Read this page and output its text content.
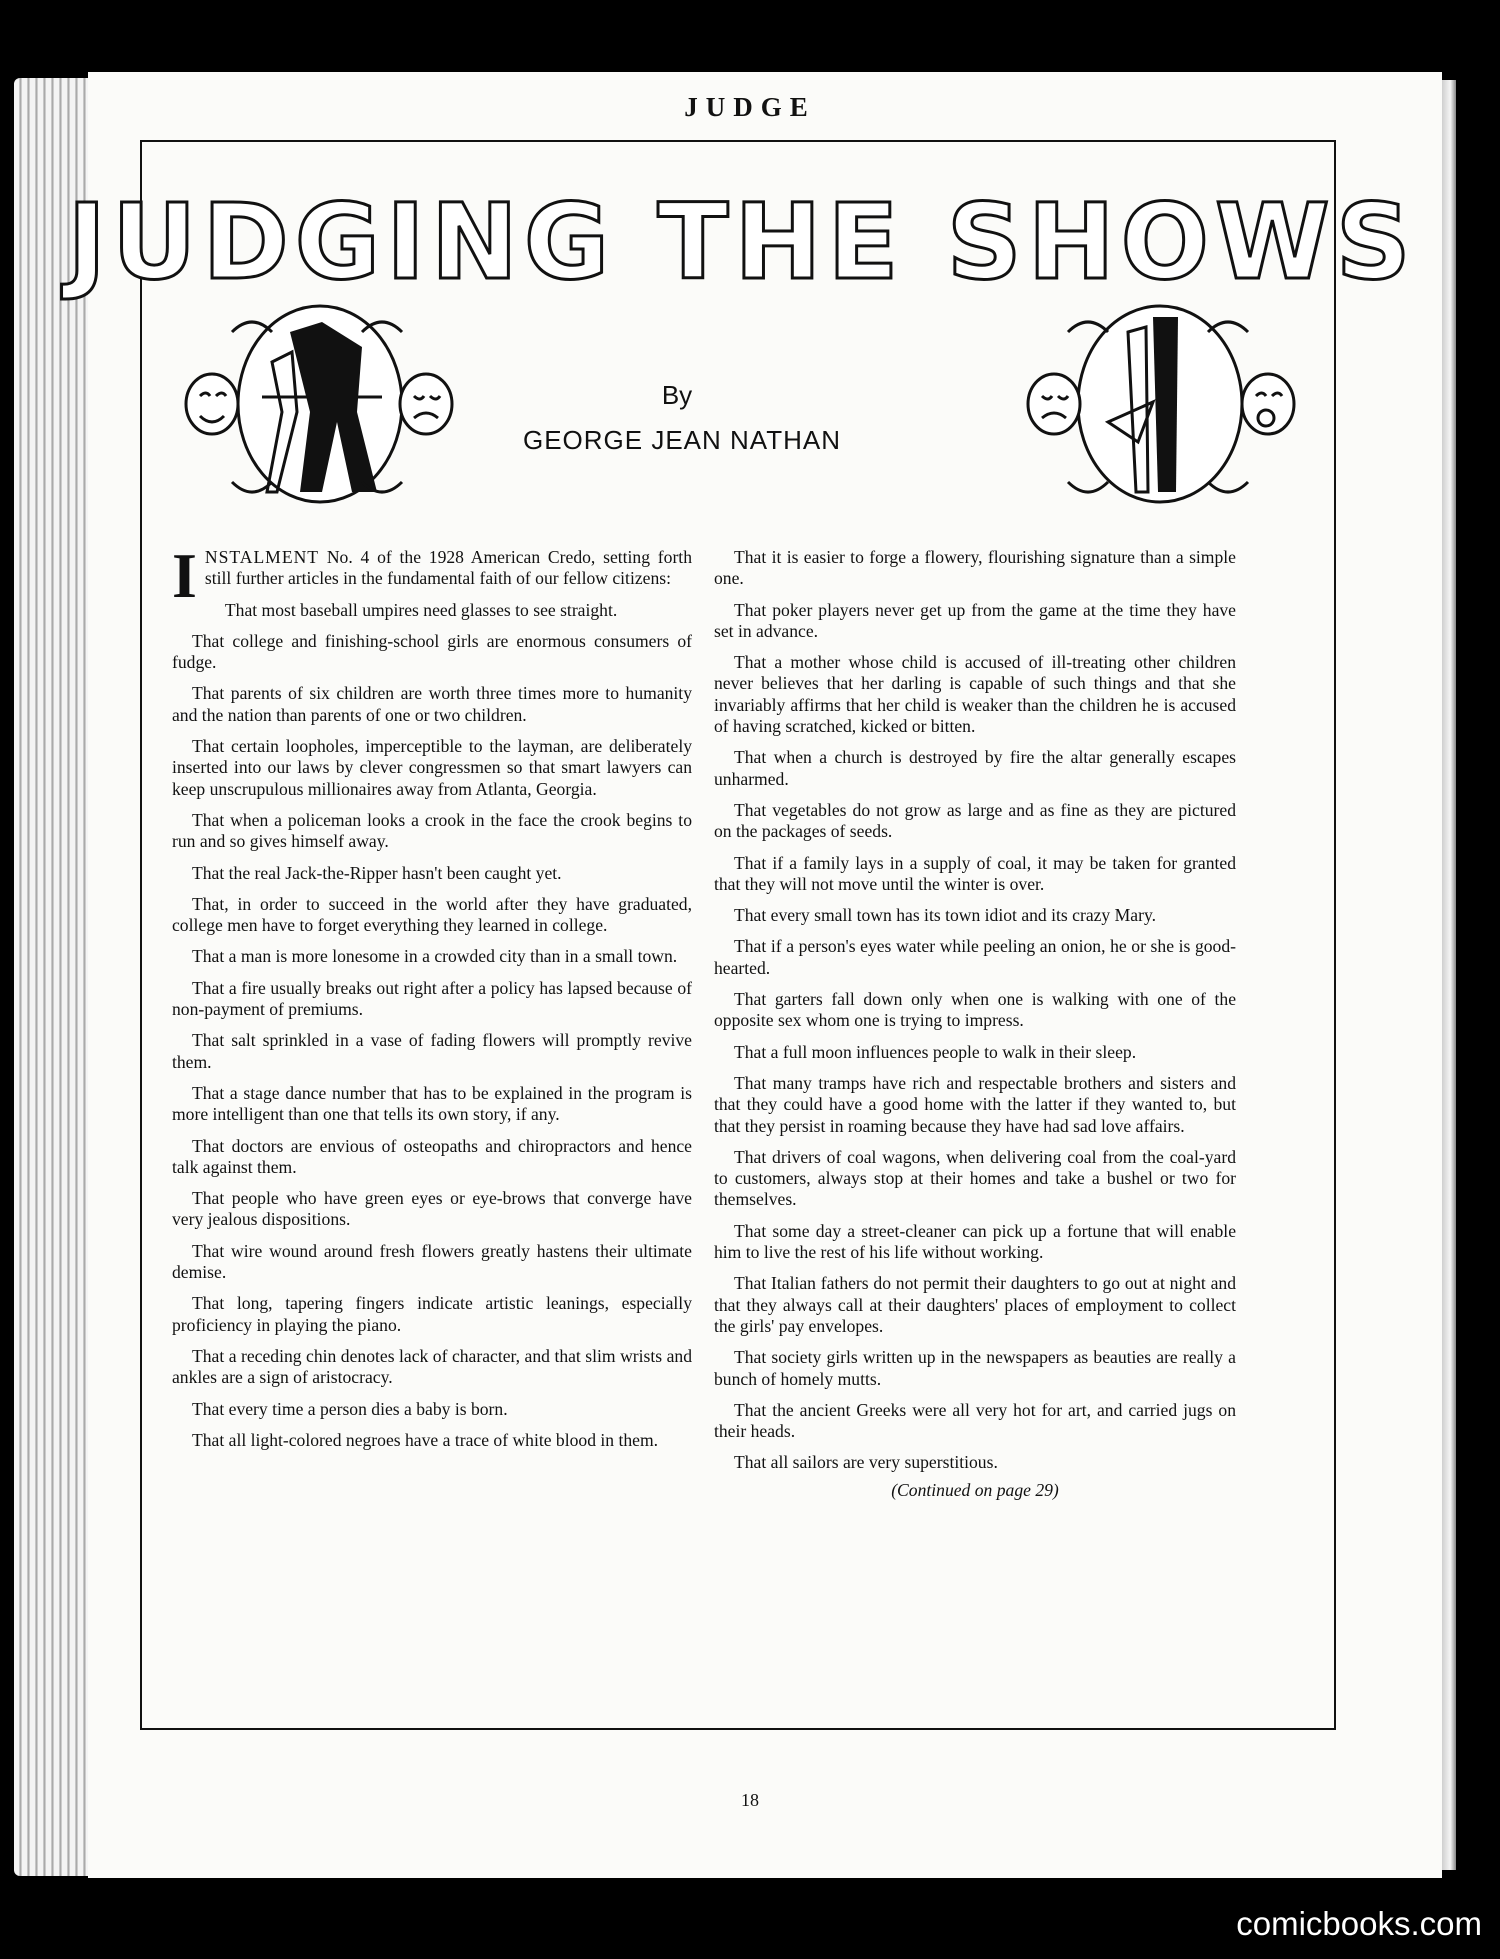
JUDGE
JUDGING THE SHOWS
By
GEORGE JEAN NATHAN

I NSTALMENT No. 4 of the 1928 American Credo, setting forth still further articles in the fundamental faith of our fellow citizens:

That most baseball umpires need glasses to see straight.

That college and finishing-school girls are enormous consumers of fudge.

That parents of six children are worth three times more to humanity and the nation than parents of one or two children.

That certain loopholes, imperceptible to the layman, are deliberately inserted into our laws by clever congressmen so that smart lawyers can keep unscrupulous millionaires away from Atlanta, Georgia.

That when a policeman looks a crook in the face the crook begins to run and so gives himself away.

That the real Jack-the-Ripper hasn't been caught yet.

That, in order to succeed in the world after they have graduated, college men have to forget everything they learned in college.

That a man is more lonesome in a crowded city than in a small town.

That a fire usually breaks out right after a policy has lapsed because of non-payment of premiums.

That salt sprinkled in a vase of fading flowers will promptly revive them.

That a stage dance number that has to be explained in the program is more intelligent than one that tells its own story, if any.

That doctors are envious of osteopaths and chiropractors and hence talk against them.

That people who have green eyes or eye-brows that converge have very jealous dispositions.

That wire wound around fresh flowers greatly hastens their ultimate demise.

That long, tapering fingers indicate artistic leanings, especially proficiency in playing the piano.

That a receding chin denotes lack of character, and that slim wrists and ankles are a sign of aristocracy.

That every time a person dies a baby is born.

That all light-colored negroes have a trace of white blood in them.

That it is easier to forge a flowery, flourishing signature than a simple one.

That poker players never get up from the game at the time they have set in advance.

That a mother whose child is accused of ill-treating other children never believes that her darling is capable of such things and that she invariably affirms that her child is weaker than the children he is accused of having scratched, kicked or bitten.

That when a church is destroyed by fire the altar generally escapes unharmed.

That vegetables do not grow as large and as fine as they are pictured on the packages of seeds.

That if a family lays in a supply of coal, it may be taken for granted that they will not move until the winter is over.

That every small town has its town idiot and its crazy Mary.

That if a person's eyes water while peeling an onion, he or she is good-hearted.

That garters fall down only when one is walking with one of the opposite sex whom one is trying to impress.

That a full moon influences people to walk in their sleep.

That many tramps have rich and respectable brothers and sisters and that they could have a good home with the latter if they wanted to, but that they persist in roaming because they have had sad love affairs.

That drivers of coal wagons, when delivering coal from the coal-yard to customers, always stop at their homes and take a bushel or two for themselves.

That some day a street-cleaner can pick up a fortune that will enable him to live the rest of his life without working.

That Italian fathers do not permit their daughters to go out at night and that they always call at their daughters' places of employment to collect the girls' pay envelopes.

That society girls written up in the newspapers as beauties are really a bunch of homely mutts.

That the ancient Greeks were all very hot for art, and carried jugs on their heads.

That all sailors are very superstitious.

(Continued on page 29)
18
comicbooks.com
